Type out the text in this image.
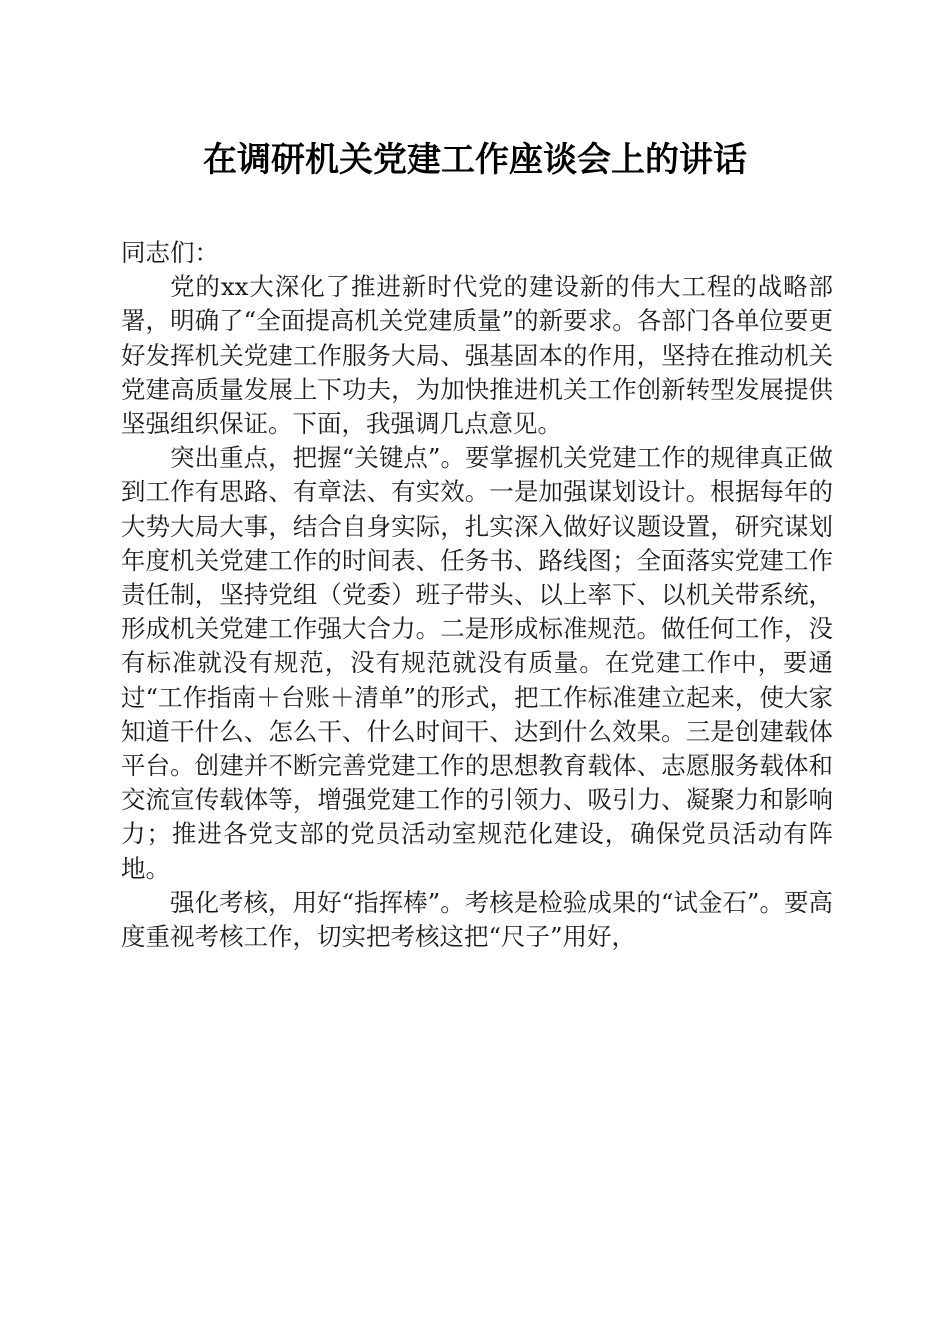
在调研机关党建工作座谈会上的讲话

同志们：

党的xx大深化了推进新时代党的建设新的伟大工程的战略部署，明确了“全面提高机关党建质量”的新要求。各部门各单位要更好发挥机关党建工作服务大局、强基固本的作用，坚持在推动机关党建高质量发展上下功夫，为加快推进机关工作创新转型发展提供坚强组织保证。下面，我强调几点意见。

突出重点，把握“关键点”。要掌握机关党建工作的规律真正做到工作有思路、有章法、有实效。一是加强谋划设计。根据每年的大势大局大事，结合自身实际，扎实深入做好议题设置，研究谋划年度机关党建工作的时间表、任务书、路线图；全面落实党建工作责任制，坚持党组（党委）班子带头、以上率下、以机关带系统，形成机关党建工作强大合力。二是形成标准规范。做任何工作，没有标准就没有规范，没有规范就没有质量。在党建工作中，要通过“工作指南＋台账＋清单”的形式，把工作标准建立起来，使大家知道干什么、怎么干、什么时间干、达到什么效果。三是创建载体平台。创建并不断完善党建工作的思想教育载体、志愿服务载体和交流宣传载体等，增强党建工作的引领力、吸引力、凝聚力和影响力；推进各党支部的党员活动室规范化建设，确保党员活动有阵地。

强化考核，用好“指挥棒”。考核是检验成果的“试金石”。要高度重视考核工作，切实把考核这把“尺子”用好，
